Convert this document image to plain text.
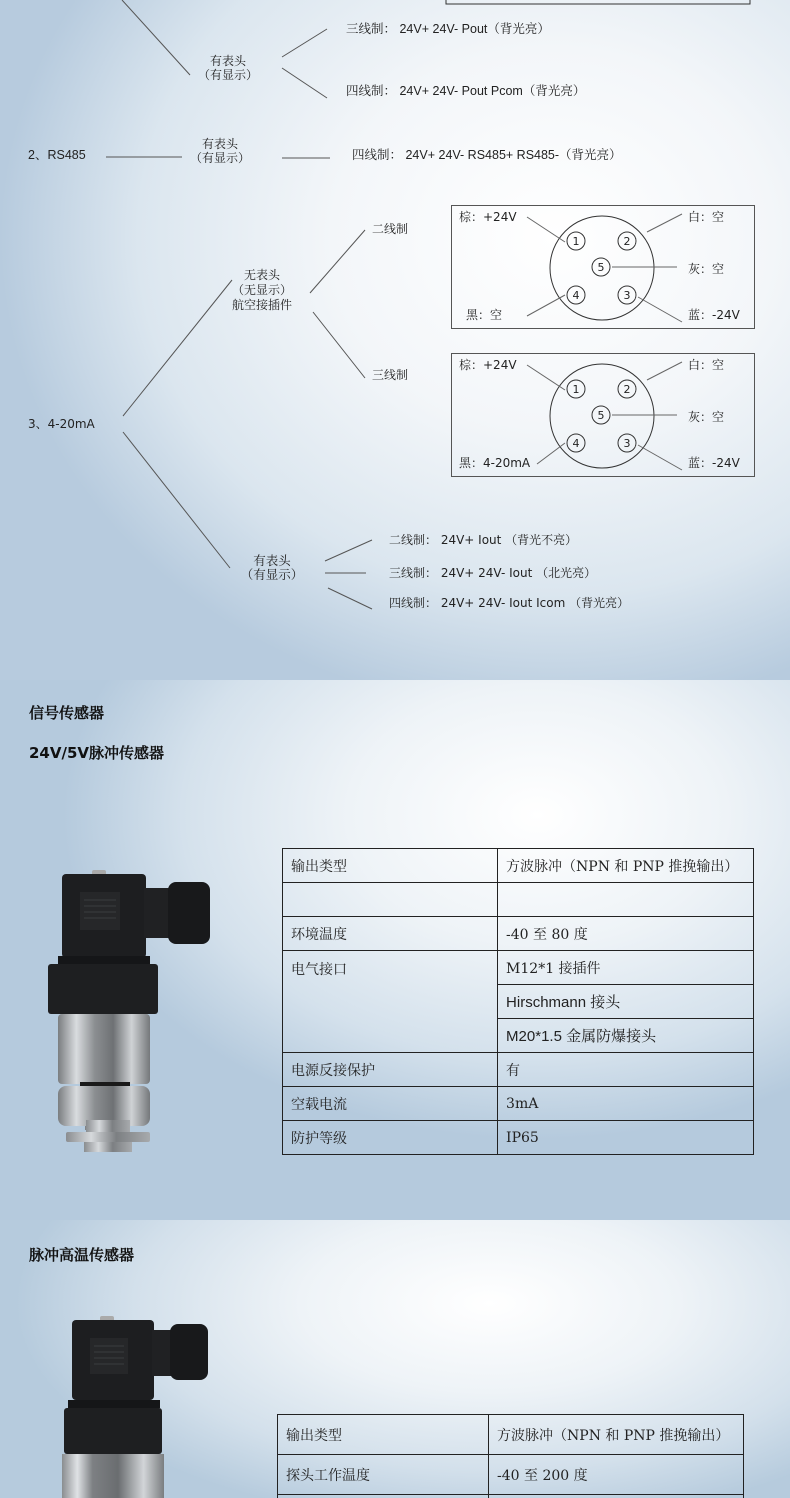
有表头
（有显示）
三线制： 24V+ 24V- Pout（背光亮）
四线制： 24V+ 24V- Pout Pcom（背光亮）
2、RS485
有表头
（有显示）	四线制： 24V+ 24V- RS485+ RS485-（背光亮）
3、4-20mA
无表头
（无显示）
航空接插件
二线制
三线制
1	2
5
4	3
棕：+24V	白：空
灰：空
黑：空	蓝：-24V
1	2
5
4	3
棕：+24V	白：空
灰：空
黑：4-20mA	蓝：-24V
有表头
（有显示）
二线制： 24V+ Iout （背光不亮）
三线制： 24V+ 24V- Iout （北光亮）
四线制： 24V+ 24V- Iout Icom （背光亮）
信号传感器
24V/5V脉冲传感器
输出类型	方波脉冲（NPN 和 PNP 推挽输出）

环境温度	-40 至 80 度
电气接口	M12*1 接插件
	Hirschmann 接头
	M20*1.5 金属防爆接头
电源反接保护	有
空载电流	3mA
防护等级	IP65
脉冲高温传感器
输出类型	方波脉冲（NPN 和 PNP 推挽输出）
探头工作温度	-40 至 200 度
